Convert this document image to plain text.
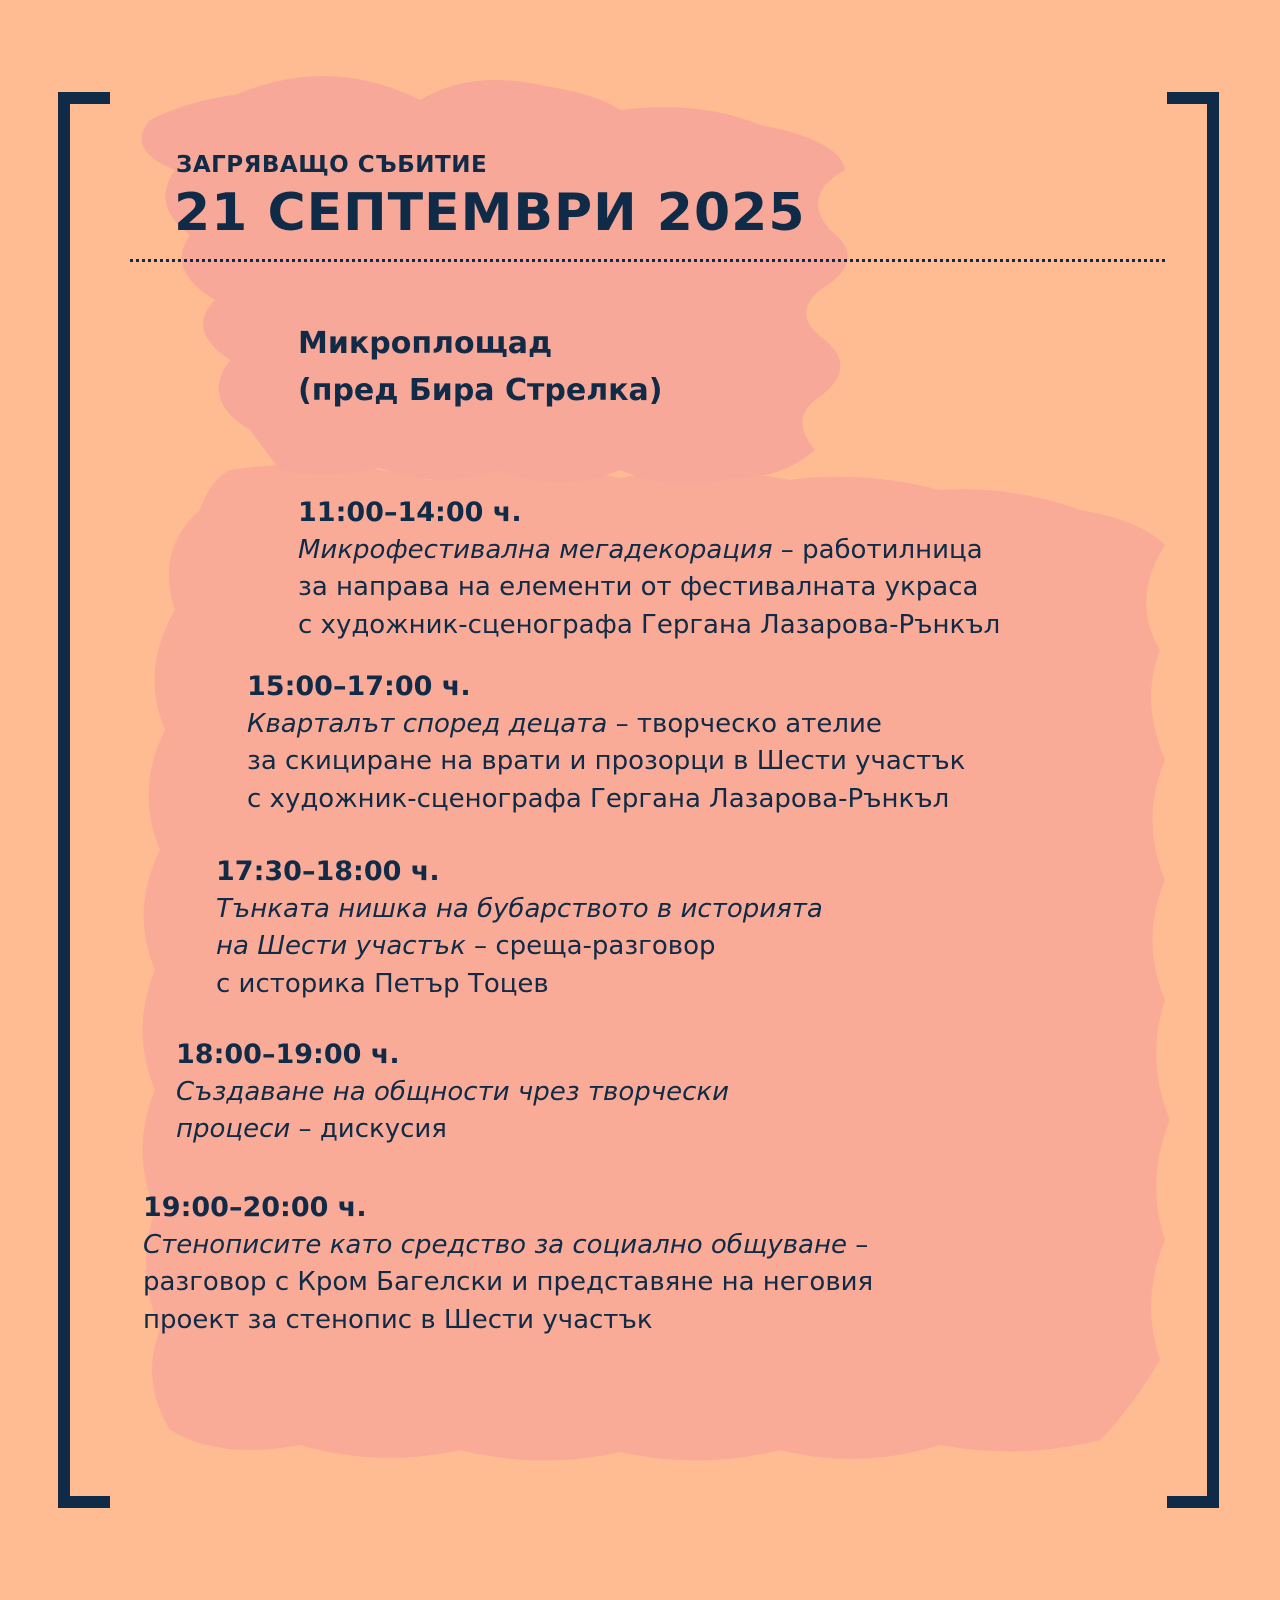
ЗАГРЯВАЩО СЪБИТИЕ

21 СЕПТЕМВРИ 2025
Микроплощад
(пред Бира Стрелка)
11:00–14:00 ч.
Микрофестивална мегадекорация – работилница
за направа на елементи от фестивалната украса
с художник-сценографа Гергана Лазарова-Рънкъл
15:00–17:00 ч.
Кварталът според децата – творческо ателие
за скициране на врати и прозорци в Шести участък
с художник-сценографа Гергана Лазарова-Рънкъл
17:30–18:00 ч.
Тънката нишка на бубарството в историята
на Шести участък – среща-разговор
с историка Петър Тоцев
18:00–19:00 ч.
Създаване на общности чрез творчески
процеси – дискусия
19:00–20:00 ч.
Стенописите като средство за социално общуване –
разговор с Кром Багелски и представяне на неговия
проект за стенопис в Шести участък
